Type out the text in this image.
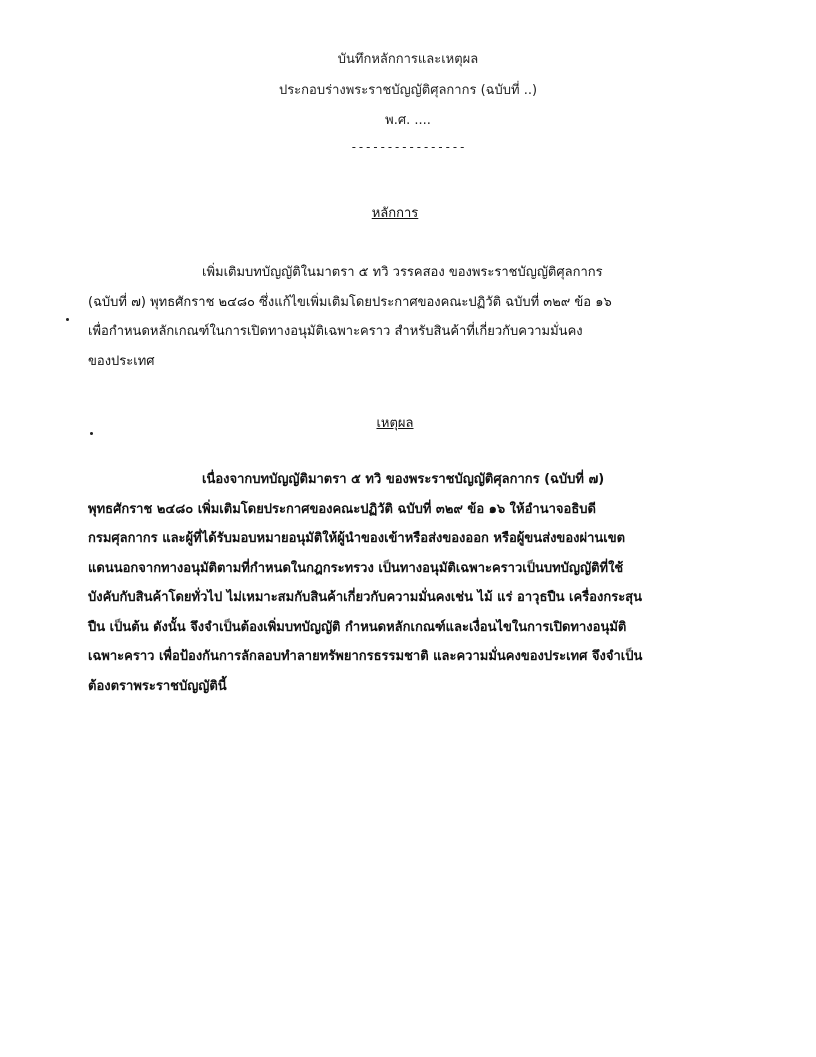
บันทึกหลักการและเหตุผล
ประกอบร่างพระราชบัญญัติศุลกากร (ฉบับที่ ..)
พ.ศ. ....
----------------
หลักการ
เพิ่มเติมบทบัญญัติในมาตรา ๕ ทวิ วรรคสอง ของพระราชบัญญัติศุลกากร
(ฉบับที่ ๗) พุทธศักราช ๒๔๘๐ ซึ่งแก้ไขเพิ่มเติมโดยประกาศของคณะปฏิวัติ ฉบับที่ ๓๒๙ ข้อ ๑๖
เพื่อกำหนดหลักเกณฑ์ในการเปิดทางอนุมัติเฉพาะคราว สำหรับสินค้าที่เกี่ยวกับความมั่นคง
ของประเทศ
เหตุผล
เนื่องจากบทบัญญัติมาตรา ๕ ทวิ ของพระราชบัญญัติศุลกากร (ฉบับที่ ๗)
พุทธศักราช ๒๔๘๐ เพิ่มเติมโดยประกาศของคณะปฏิวัติ ฉบับที่ ๓๒๙ ข้อ ๑๖ ให้อำนาจอธิบดี
กรมศุลกากร และผู้ที่ได้รับมอบหมายอนุมัติให้ผู้นำของเข้าหรือส่งของออก หรือผู้ขนส่งของผ่านเขต
แดนนอกจากทางอนุมัติตามที่กำหนดในกฎกระทรวง เป็นทางอนุมัติเฉพาะคราวเป็นบทบัญญัติที่ใช้
บังคับกับสินค้าโดยทั่วไป ไม่เหมาะสมกับสินค้าเกี่ยวกับความมั่นคงเช่น ไม้ แร่ อาวุธปืน เครื่องกระสุน
ปืน เป็นต้น ดังนั้น จึงจำเป็นต้องเพิ่มบทบัญญัติ กำหนดหลักเกณฑ์และเงื่อนไขในการเปิดทางอนุมัติ
เฉพาะคราว เพื่อป้องกันการลักลอบทำลายทรัพยากรธรรมชาติ และความมั่นคงของประเทศ จึงจำเป็น
ต้องตราพระราชบัญญัตินี้
